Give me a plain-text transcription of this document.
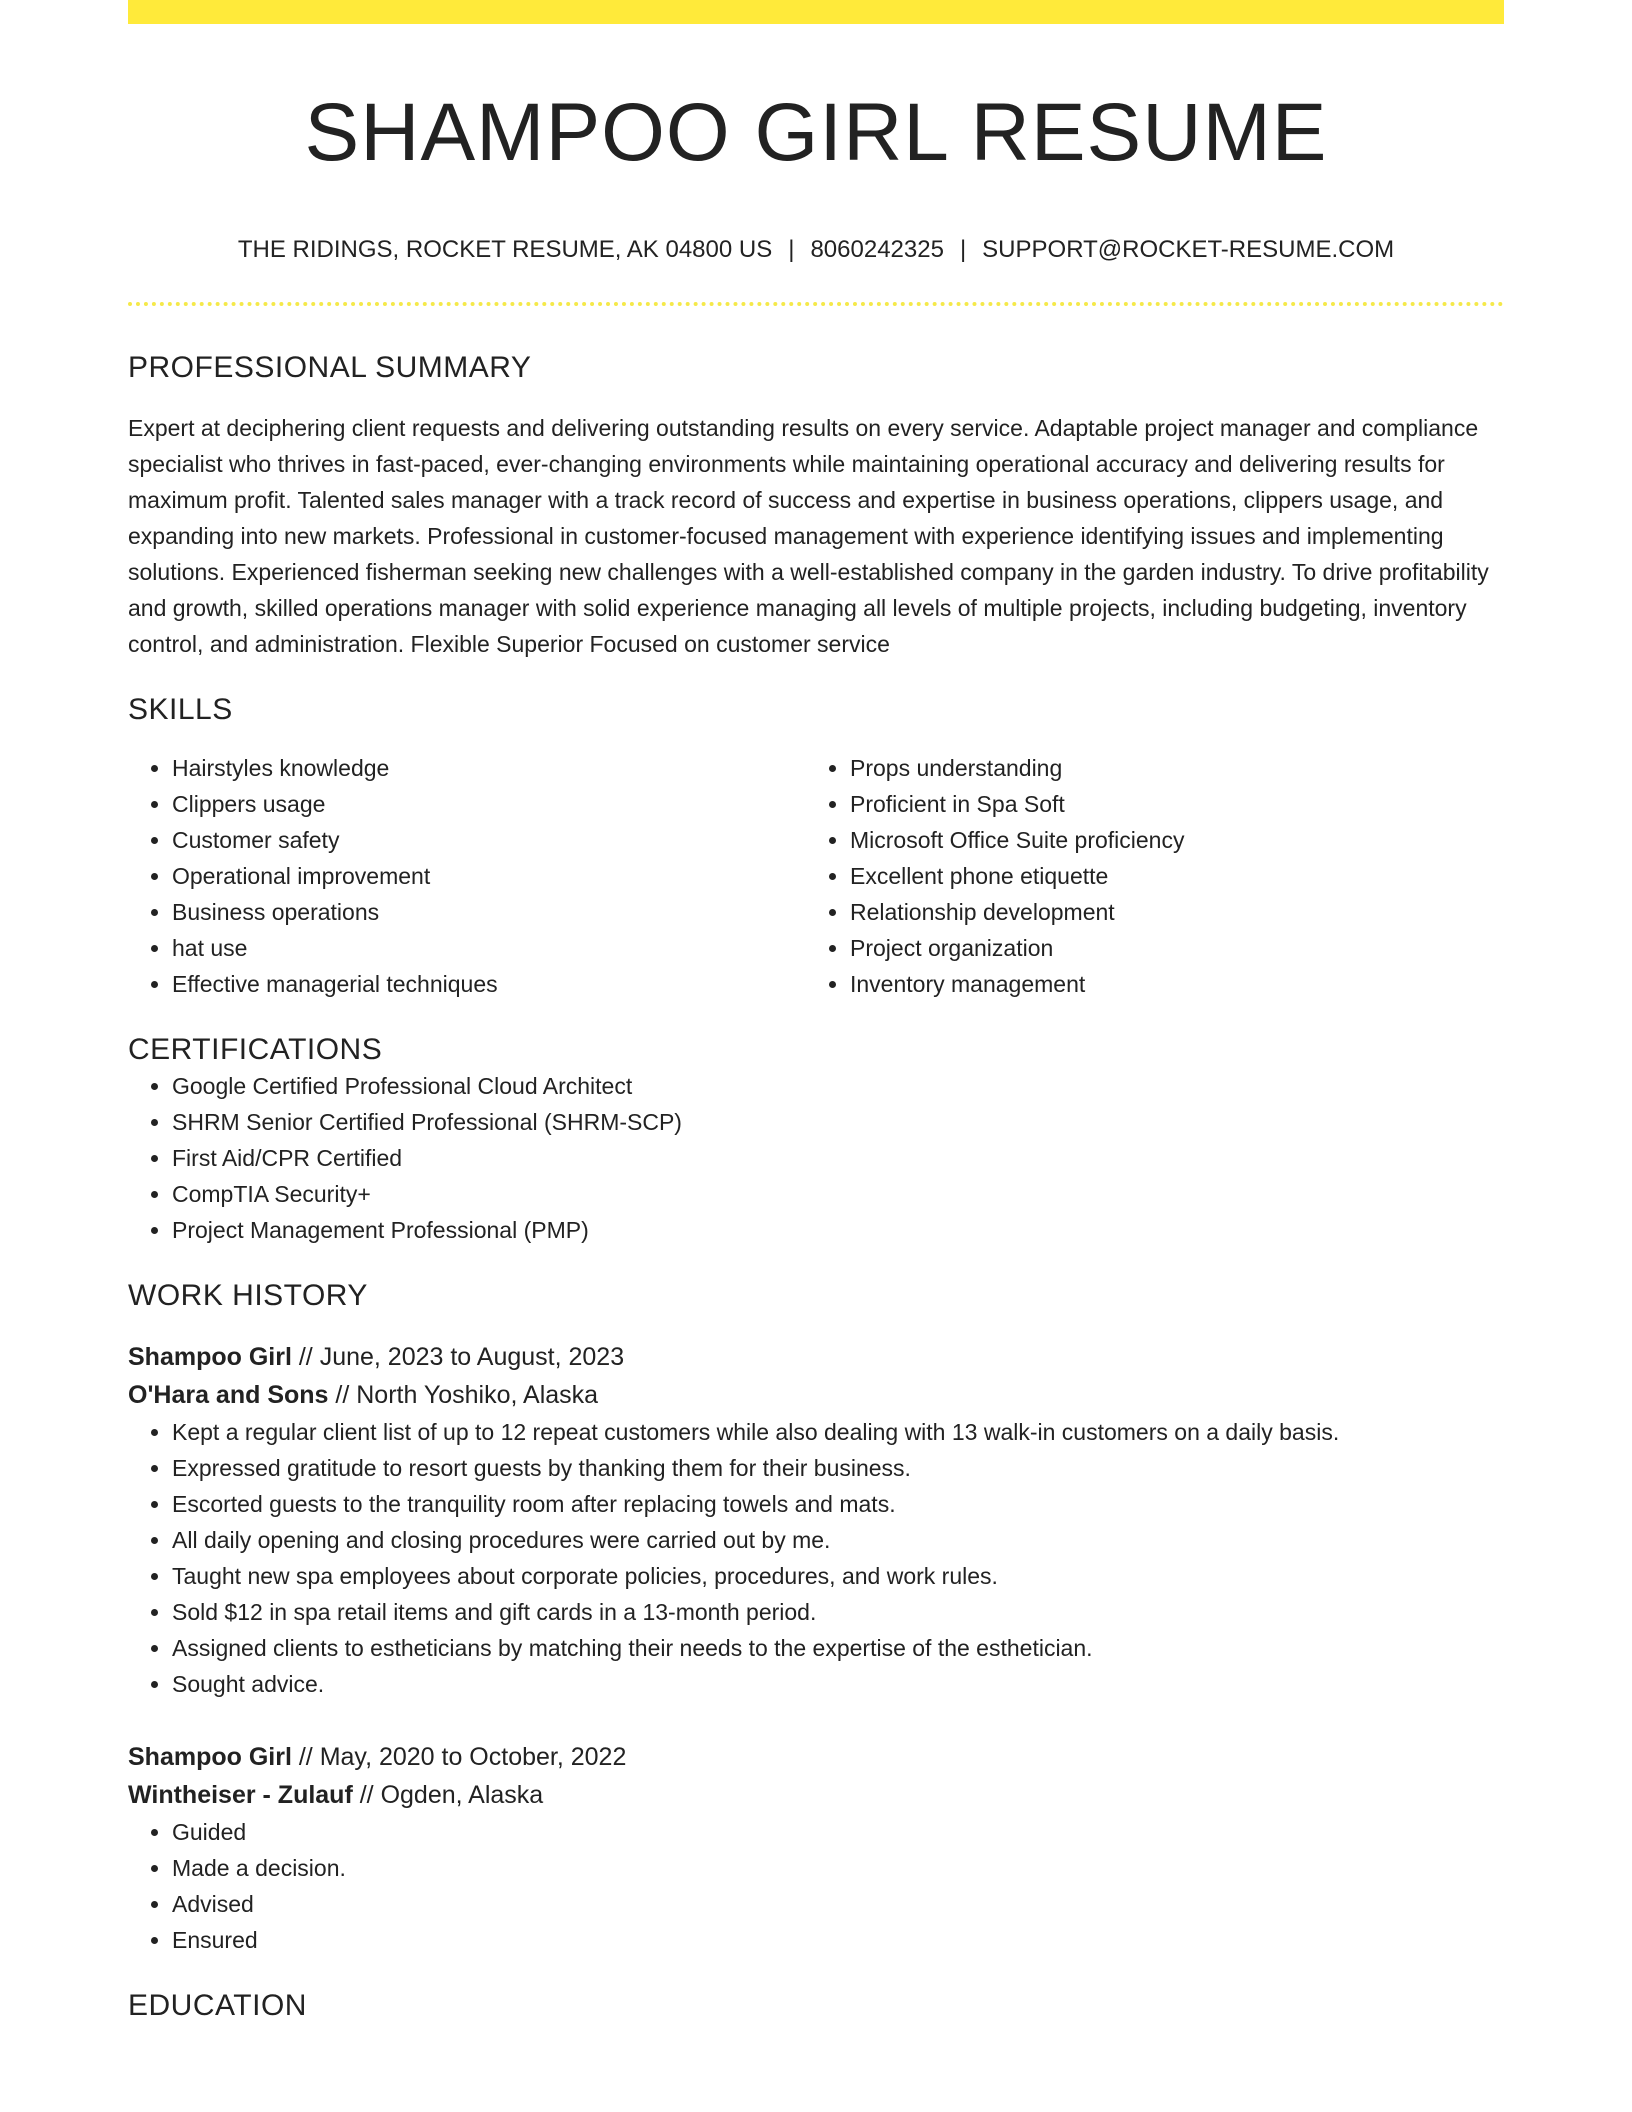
SHAMPOO GIRL RESUME
THE RIDINGS, ROCKET RESUME, AK 04800 US | 8060242325 | SUPPORT@ROCKET-RESUME.COM
PROFESSIONAL SUMMARY

Expert at deciphering client requests and delivering outstanding results on every service. Adaptable project manager and compliance specialist who thrives in fast-paced, ever-changing environments while maintaining operational accuracy and delivering results for maximum profit. Talented sales manager with a track record of success and expertise in business operations, clippers usage, and expanding into new markets. Professional in customer-focused management with experience identifying issues and implementing solutions. Experienced fisherman seeking new challenges with a well-established company in the garden industry. To drive profitability and growth, skilled operations manager with solid experience managing all levels of multiple projects, including budgeting, inventory control, and administration. Flexible Superior Focused on customer service

SKILLS
• Hairstyles knowledge
• Clippers usage
• Customer safety
• Operational improvement
• Business operations
• hat use
• Effective managerial techniques
• Props understanding
• Proficient in Spa Soft
• Microsoft Office Suite proficiency
• Excellent phone etiquette
• Relationship development
• Project organization
• Inventory management
CERTIFICATIONS
• Google Certified Professional Cloud Architect
• SHRM Senior Certified Professional (SHRM-SCP)
• First Aid/CPR Certified
• CompTIA Security+
• Project Management Professional (PMP)
WORK HISTORY
Shampoo Girl // June, 2023 to August, 2023
O'Hara and Sons // North Yoshiko, Alaska
• Kept a regular client list of up to 12 repeat customers while also dealing with 13 walk-in customers on a daily basis.
• Expressed gratitude to resort guests by thanking them for their business.
• Escorted guests to the tranquility room after replacing towels and mats.
• All daily opening and closing procedures were carried out by me.
• Taught new spa employees about corporate policies, procedures, and work rules.
• Sold $12 in spa retail items and gift cards in a 13-month period.
• Assigned clients to estheticians by matching their needs to the expertise of the esthetician.
• Sought advice.
Shampoo Girl // May, 2020 to October, 2022
Wintheiser - Zulauf // Ogden, Alaska
• Guided
• Made a decision.
• Advised
• Ensured
EDUCATION
